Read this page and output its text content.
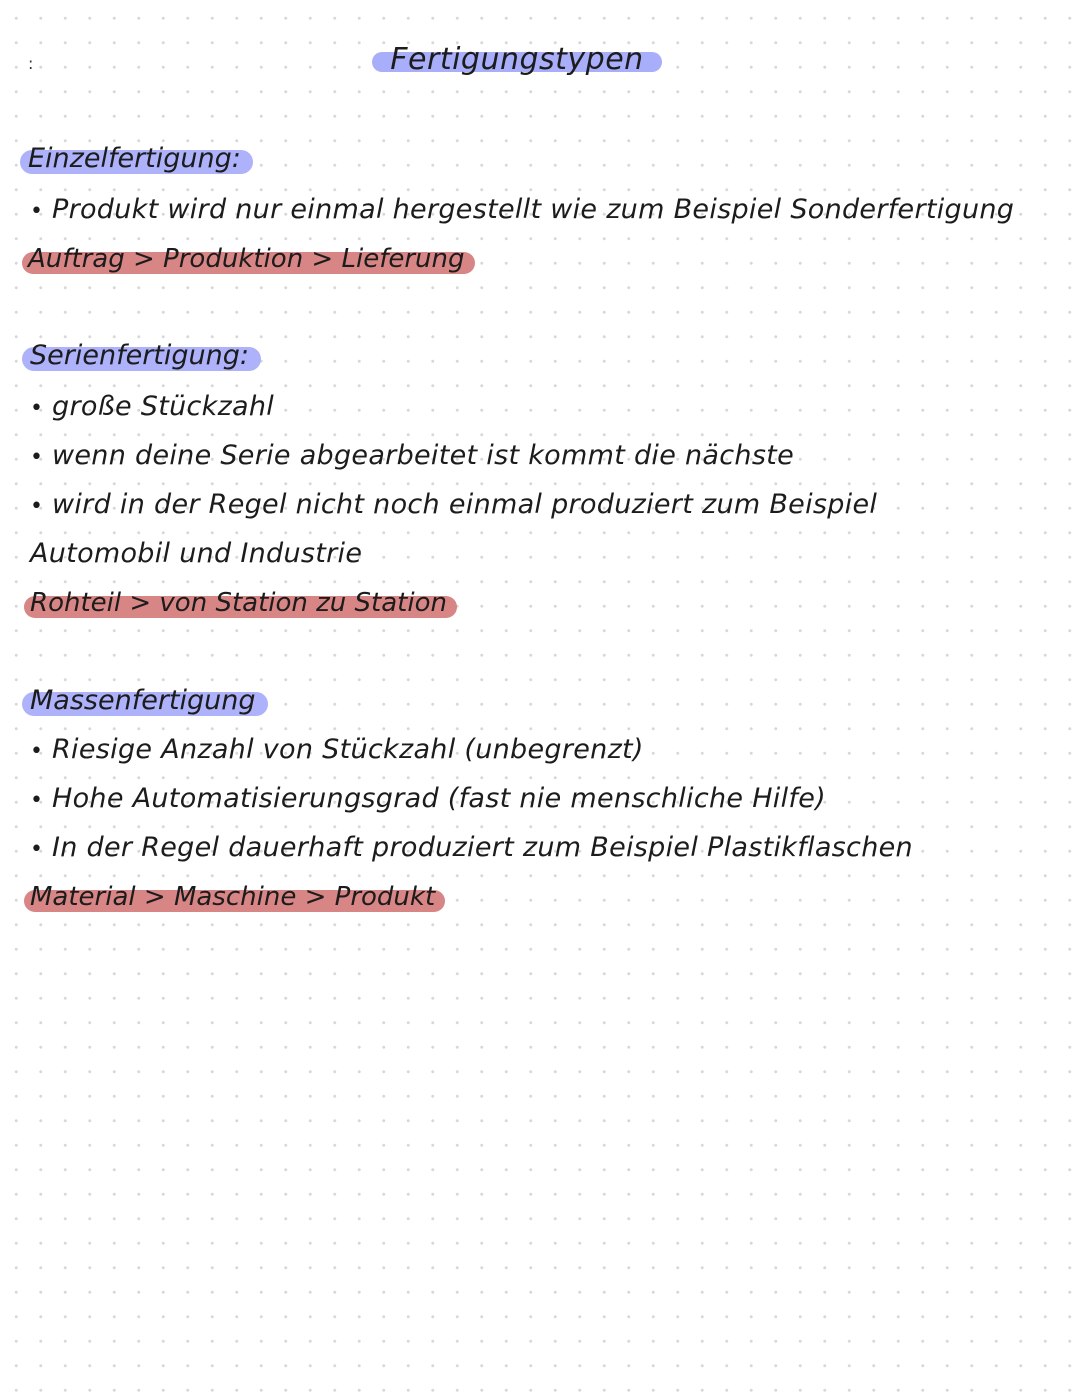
:	Fertigungstypen
Einzelfertigung:
• Produkt wird nur einmal hergestellt wie zum Beispiel Sonderfertigung
Auftrag > Produktion > Lieferung
Serienfertigung:
• große Stückzahl
• wenn deine Serie abgearbeitet ist kommt die nächste
• wird in der Regel nicht noch einmal produziert zum Beispiel
Automobil und Industrie
Rohteil > von Station zu Station
Massenfertigung
• Riesige Anzahl von Stückzahl (unbegrenzt)
• Hohe Automatisierungsgrad (fast nie menschliche Hilfe)
• In der Regel dauerhaft produziert zum Beispiel Plastikflaschen
Material > Maschine > Produkt
